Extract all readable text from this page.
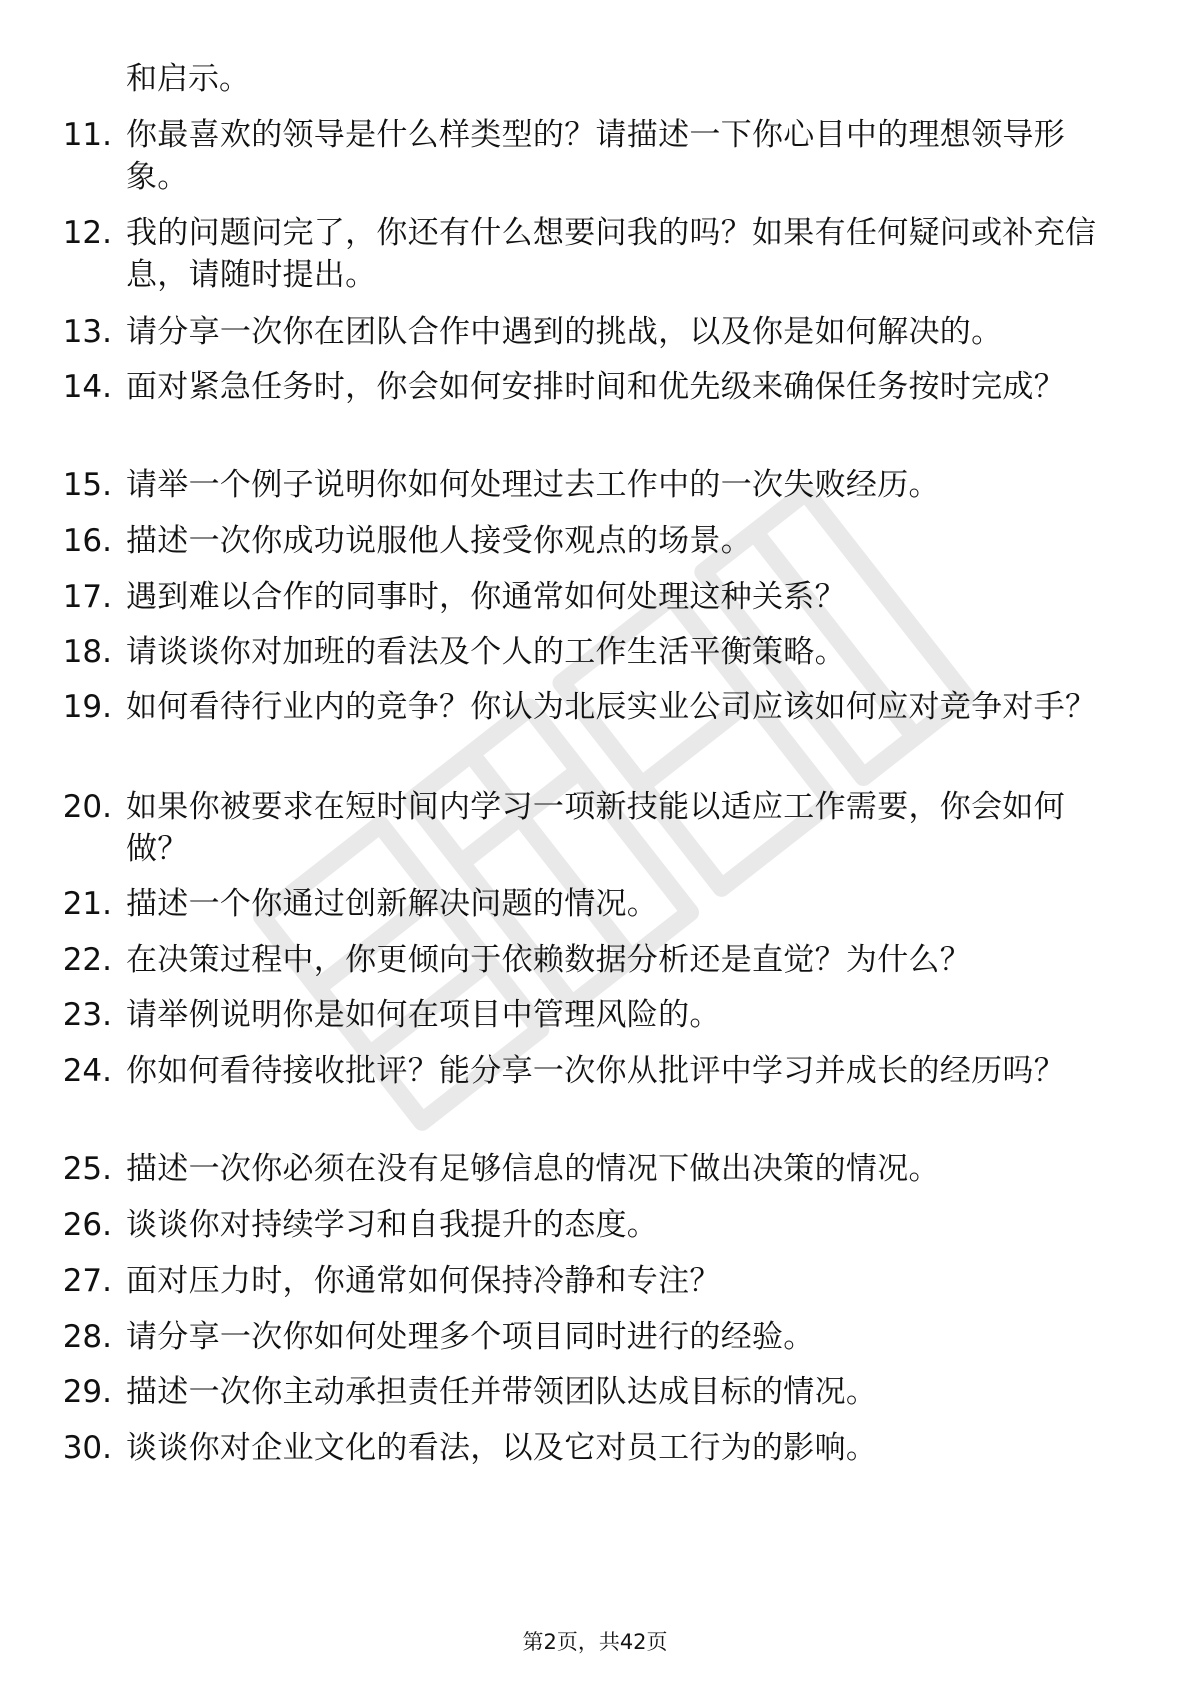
和启示。
11. 你最喜欢的领导是什么样类型的？请描述一下你心目中的理想领导形象。
12. 我的问题问完了，你还有什么想要问我的吗？如果有任何疑问或补充信息，请随时提出。
13. 请分享一次你在团队合作中遇到的挑战，以及你是如何解决的。
14. 面对紧急任务时，你会如何安排时间和优先级来确保任务按时完成？
15. 请举一个例子说明你如何处理过去工作中的一次失败经历。
16. 描述一次你成功说服他人接受你观点的场景。
17. 遇到难以合作的同事时，你通常如何处理这种关系？
18. 请谈谈你对加班的看法及个人的工作生活平衡策略。
19. 如何看待行业内的竞争？你认为北辰实业公司应该如何应对竞争对手？
20. 如果你被要求在短时间内学习一项新技能以适应工作需要，你会如何做？
21. 描述一个你通过创新解决问题的情况。
22. 在决策过程中，你更倾向于依赖数据分析还是直觉？为什么？
23. 请举例说明你是如何在项目中管理风险的。
24. 你如何看待接收批评？能分享一次你从批评中学习并成长的经历吗？
25. 描述一次你必须在没有足够信息的情况下做出决策的情况。
26. 谈谈你对持续学习和自我提升的态度。
27. 面对压力时，你通常如何保持冷静和专注？
28. 请分享一次你如何处理多个项目同时进行的经验。
29. 描述一次你主动承担责任并带领团队达成目标的情况。
30. 谈谈你对企业文化的看法，以及它对员工行为的影响。
第2页，共42页
